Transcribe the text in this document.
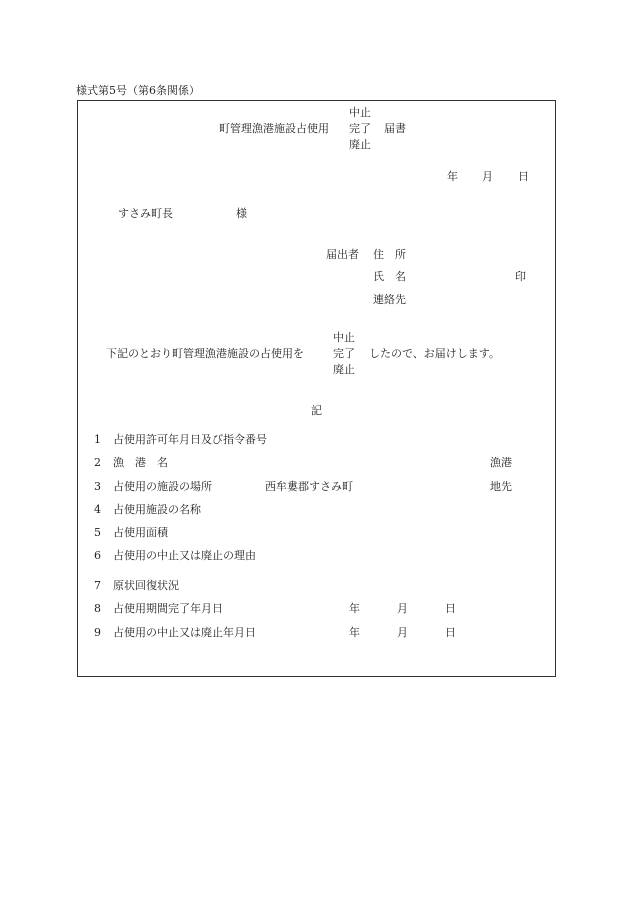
様式第5号（第6条関係）
町管理漁港施設占使用
中止
完了
廃止
届書
年 月 日
すさみ町長	様
届出者 住　所
氏　名	印
連絡先
下記のとおり町管理漁港施設の占使用を
中止
完了
廃止
したので、お届けします。
記
1 占使用許可年月日及び指令番号
2 漁　港　名	漁港
3 占使用の施設の場所	西牟婁郡すさみ町	地先
4 占使用施設の名称
5 占使用面積
6 占使用の中止又は廃止の理由
7 原状回復状況
8 占使用期間完了年月日	年	月	日
9 占使用の中止又は廃止年月日	年	月	日
